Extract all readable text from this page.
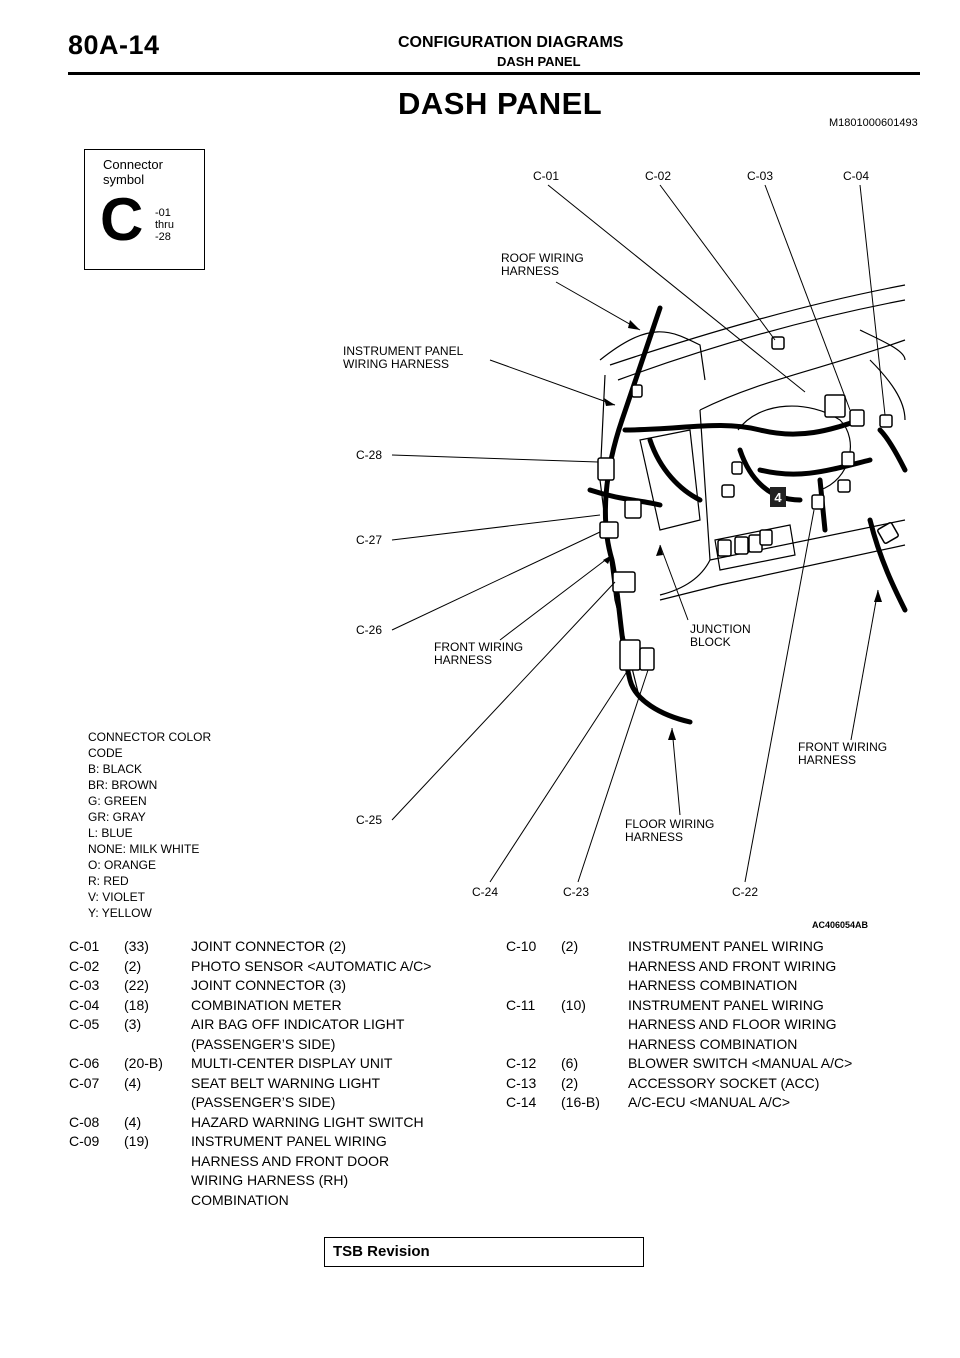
80A-14	CONFIGURATION DIAGRAMS
DASH PANEL
DASH PANEL
M1801000601493
Connector symbol
C -01
thru
-28
4
C-01	C-02	C-03	C-04
ROOF WIRING
HARNESS
INSTRUMENT PANEL
WIRING HARNESS
C-28
C-27
C-26
FRONT WIRING
HARNESS
JUNCTION
BLOCK
FRONT WIRING
HARNESS
C-25	FLOOR WIRING
HARNESS
C-24	C-23	C-22
AC406054AB
CONNECTOR COLOR
CODE
B: BLACK
BR: BROWN
G: GREEN
GR: GRAY
L: BLUE
NONE: MILK WHITE
O: ORANGE
R: RED
V: VIOLET
Y: YELLOW
C-01	(33)	JOINT CONNECTOR (2)
C-02	(2)	PHOTO SENSOR <AUTOMATIC A/C>
C-03	(22)	JOINT CONNECTOR (3)
C-04	(18)	COMBINATION METER
C-05	(3)	AIR BAG OFF INDICATOR LIGHT (PASSENGER’S SIDE)
C-06	(20-B)	MULTI-CENTER DISPLAY UNIT
C-07	(4)	SEAT BELT WARNING LIGHT (PASSENGER’S SIDE)
C-08	(4)	HAZARD WARNING LIGHT SWITCH
C-09	(19)	INSTRUMENT PANEL WIRING HARNESS AND FRONT DOOR WIRING HARNESS (RH) COMBINATION
C-10	(2)	INSTRUMENT PANEL WIRING HARNESS AND FRONT WIRING HARNESS COMBINATION
C-11	(10)	INSTRUMENT PANEL WIRING HARNESS AND FLOOR WIRING HARNESS COMBINATION
C-12	(6)	BLOWER SWITCH <MANUAL A/C>
C-13	(2)	ACCESSORY SOCKET (ACC)
C-14	(16-B)	A/C-ECU <MANUAL A/C>
TSB Revision
